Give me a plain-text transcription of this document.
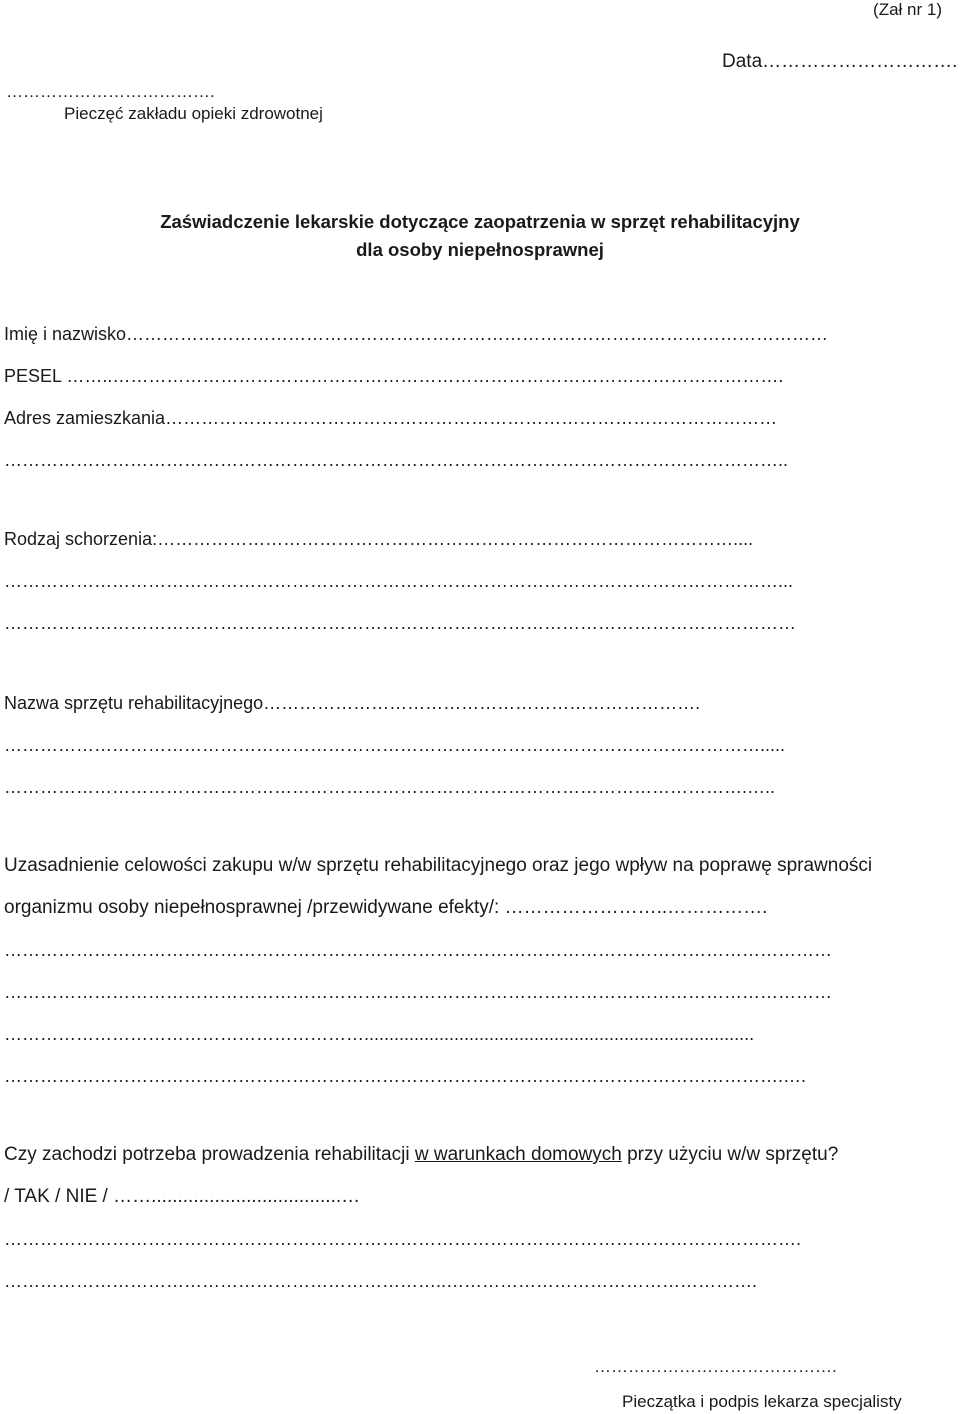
(Zał nr 1)
Data………………………….
……………………………….
Pieczęć zakładu opieki zdrowotnej
Zaświadczenie lekarskie dotyczące zaopatrzenia w sprzęt rehabilitacyjny
dla osoby niepełnosprawnej
Imię i nazwisko………………………………………………………………………………………………………
PESEL ……..………………………………………………………………………………………………….
Adres zamieszkania…………………………………………………………………………………………
…………………………………………………………………………………………………………………..
Rodzaj schorzenia:……………………………………………………………………………………....
…………………………………………………………………………………………………………………...
……………………………………………………………………………………………………………………
Nazwa sprzętu rehabilitacyjnego……………………………………………………………….
……………………………………………………………………………………………………………….....
…………………………………………………………………………………………………………….…..
Uzasadnienie celowości zakupu w/w sprzętu rehabilitacyjnego oraz jego wpływ na poprawę sprawności
organizmu osoby niepełnosprawnej /przewidywane efekty/: ……………………..…………….
…………………………………………………………………………………………………………………………
…………………………………………………………………………………………………………………………
……………………………………………………..............................................................................
………………………………………………………………………………………………………………….….
Czy zachodzi potrzeba prowadzenia rehabilitacji w warunkach domowych przy użyciu w/w sprzętu?
/ TAK / NIE / ……....................................…
…………………………………………………………………………………………………………………….
………………………………………………………………..…………………………………………….
…………………………………….
Pieczątka i podpis lekarza specjalisty
